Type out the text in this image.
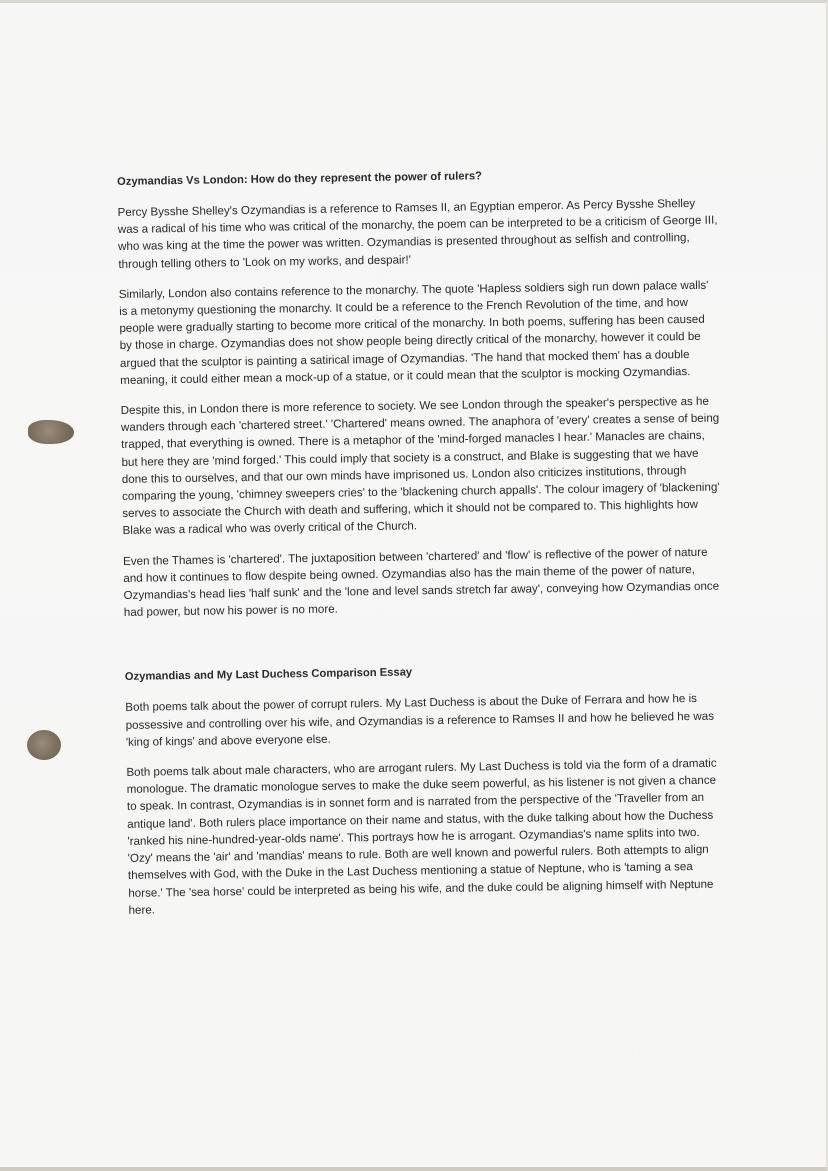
Ozymandias Vs London: How do they represent the power of rulers?

Percy Bysshe Shelley's Ozymandias is a reference to Ramses II, an Egyptian emperor. As Percy Bysshe Shelley was a radical of his time who was critical of the monarchy, the poem can be interpreted to be a criticism of George III, who was king at the time the power was written. Ozymandias is presented throughout as selfish and controlling, through telling others to 'Look on my works, and despair!'

Similarly, London also contains reference to the monarchy. The quote 'Hapless soldiers sigh run down palace walls' is a metonymy questioning the monarchy. It could be a reference to the French Revolution of the time, and how people were gradually starting to become more critical of the monarchy. In both poems, suffering has been caused by those in charge. Ozymandias does not show people being directly critical of the monarchy, however it could be argued that the sculptor is painting a satirical image of Ozymandias. 'The hand that mocked them' has a double meaning, it could either mean a mock-up of a statue, or it could mean that the sculptor is mocking Ozymandias.

Despite this, in London there is more reference to society. We see London through the speaker's perspective as he wanders through each 'chartered street.' 'Chartered' means owned. The anaphora of 'every' creates a sense of being trapped, that everything is owned. There is a metaphor of the 'mind-forged manacles I hear.' Manacles are chains, but here they are 'mind forged.' This could imply that society is a construct, and Blake is suggesting that we have done this to ourselves, and that our own minds have imprisoned us. London also criticizes institutions, through comparing the young, 'chimney sweepers cries' to the 'blackening church appalls'. The colour imagery of 'blackening' serves to associate the Church with death and suffering, which it should not be compared to. This highlights how Blake was a radical who was overly critical of the Church.

Even the Thames is 'chartered'. The juxtaposition between 'chartered' and 'flow' is reflective of the power of nature and how it continues to flow despite being owned. Ozymandias also has the main theme of the power of nature, Ozymandias's head lies 'half sunk' and the 'lone and level sands stretch far away', conveying how Ozymandias once had power, but now his power is no more.

Ozymandias and My Last Duchess Comparison Essay

Both poems talk about the power of corrupt rulers. My Last Duchess is about the Duke of Ferrara and how he is possessive and controlling over his wife, and Ozymandias is a reference to Ramses II and how he believed he was 'king of kings' and above everyone else.

Both poems talk about male characters, who are arrogant rulers. My Last Duchess is told via the form of a dramatic monologue. The dramatic monologue serves to make the duke seem powerful, as his listener is not given a chance to speak. In contrast, Ozymandias is in sonnet form and is narrated from the perspective of the 'Traveller from an antique land'. Both rulers place importance on their name and status, with the duke talking about how the Duchess 'ranked his nine-hundred-year-olds name'. This portrays how he is arrogant. Ozymandias's name splits into two. 'Ozy' means the 'air' and 'mandias' means to rule. Both are well known and powerful rulers. Both attempts to align themselves with God, with the Duke in the Last Duchess mentioning a statue of Neptune, who is 'taming a sea horse.' The 'sea horse' could be interpreted as being his wife, and the duke could be aligning himself with Neptune here.
